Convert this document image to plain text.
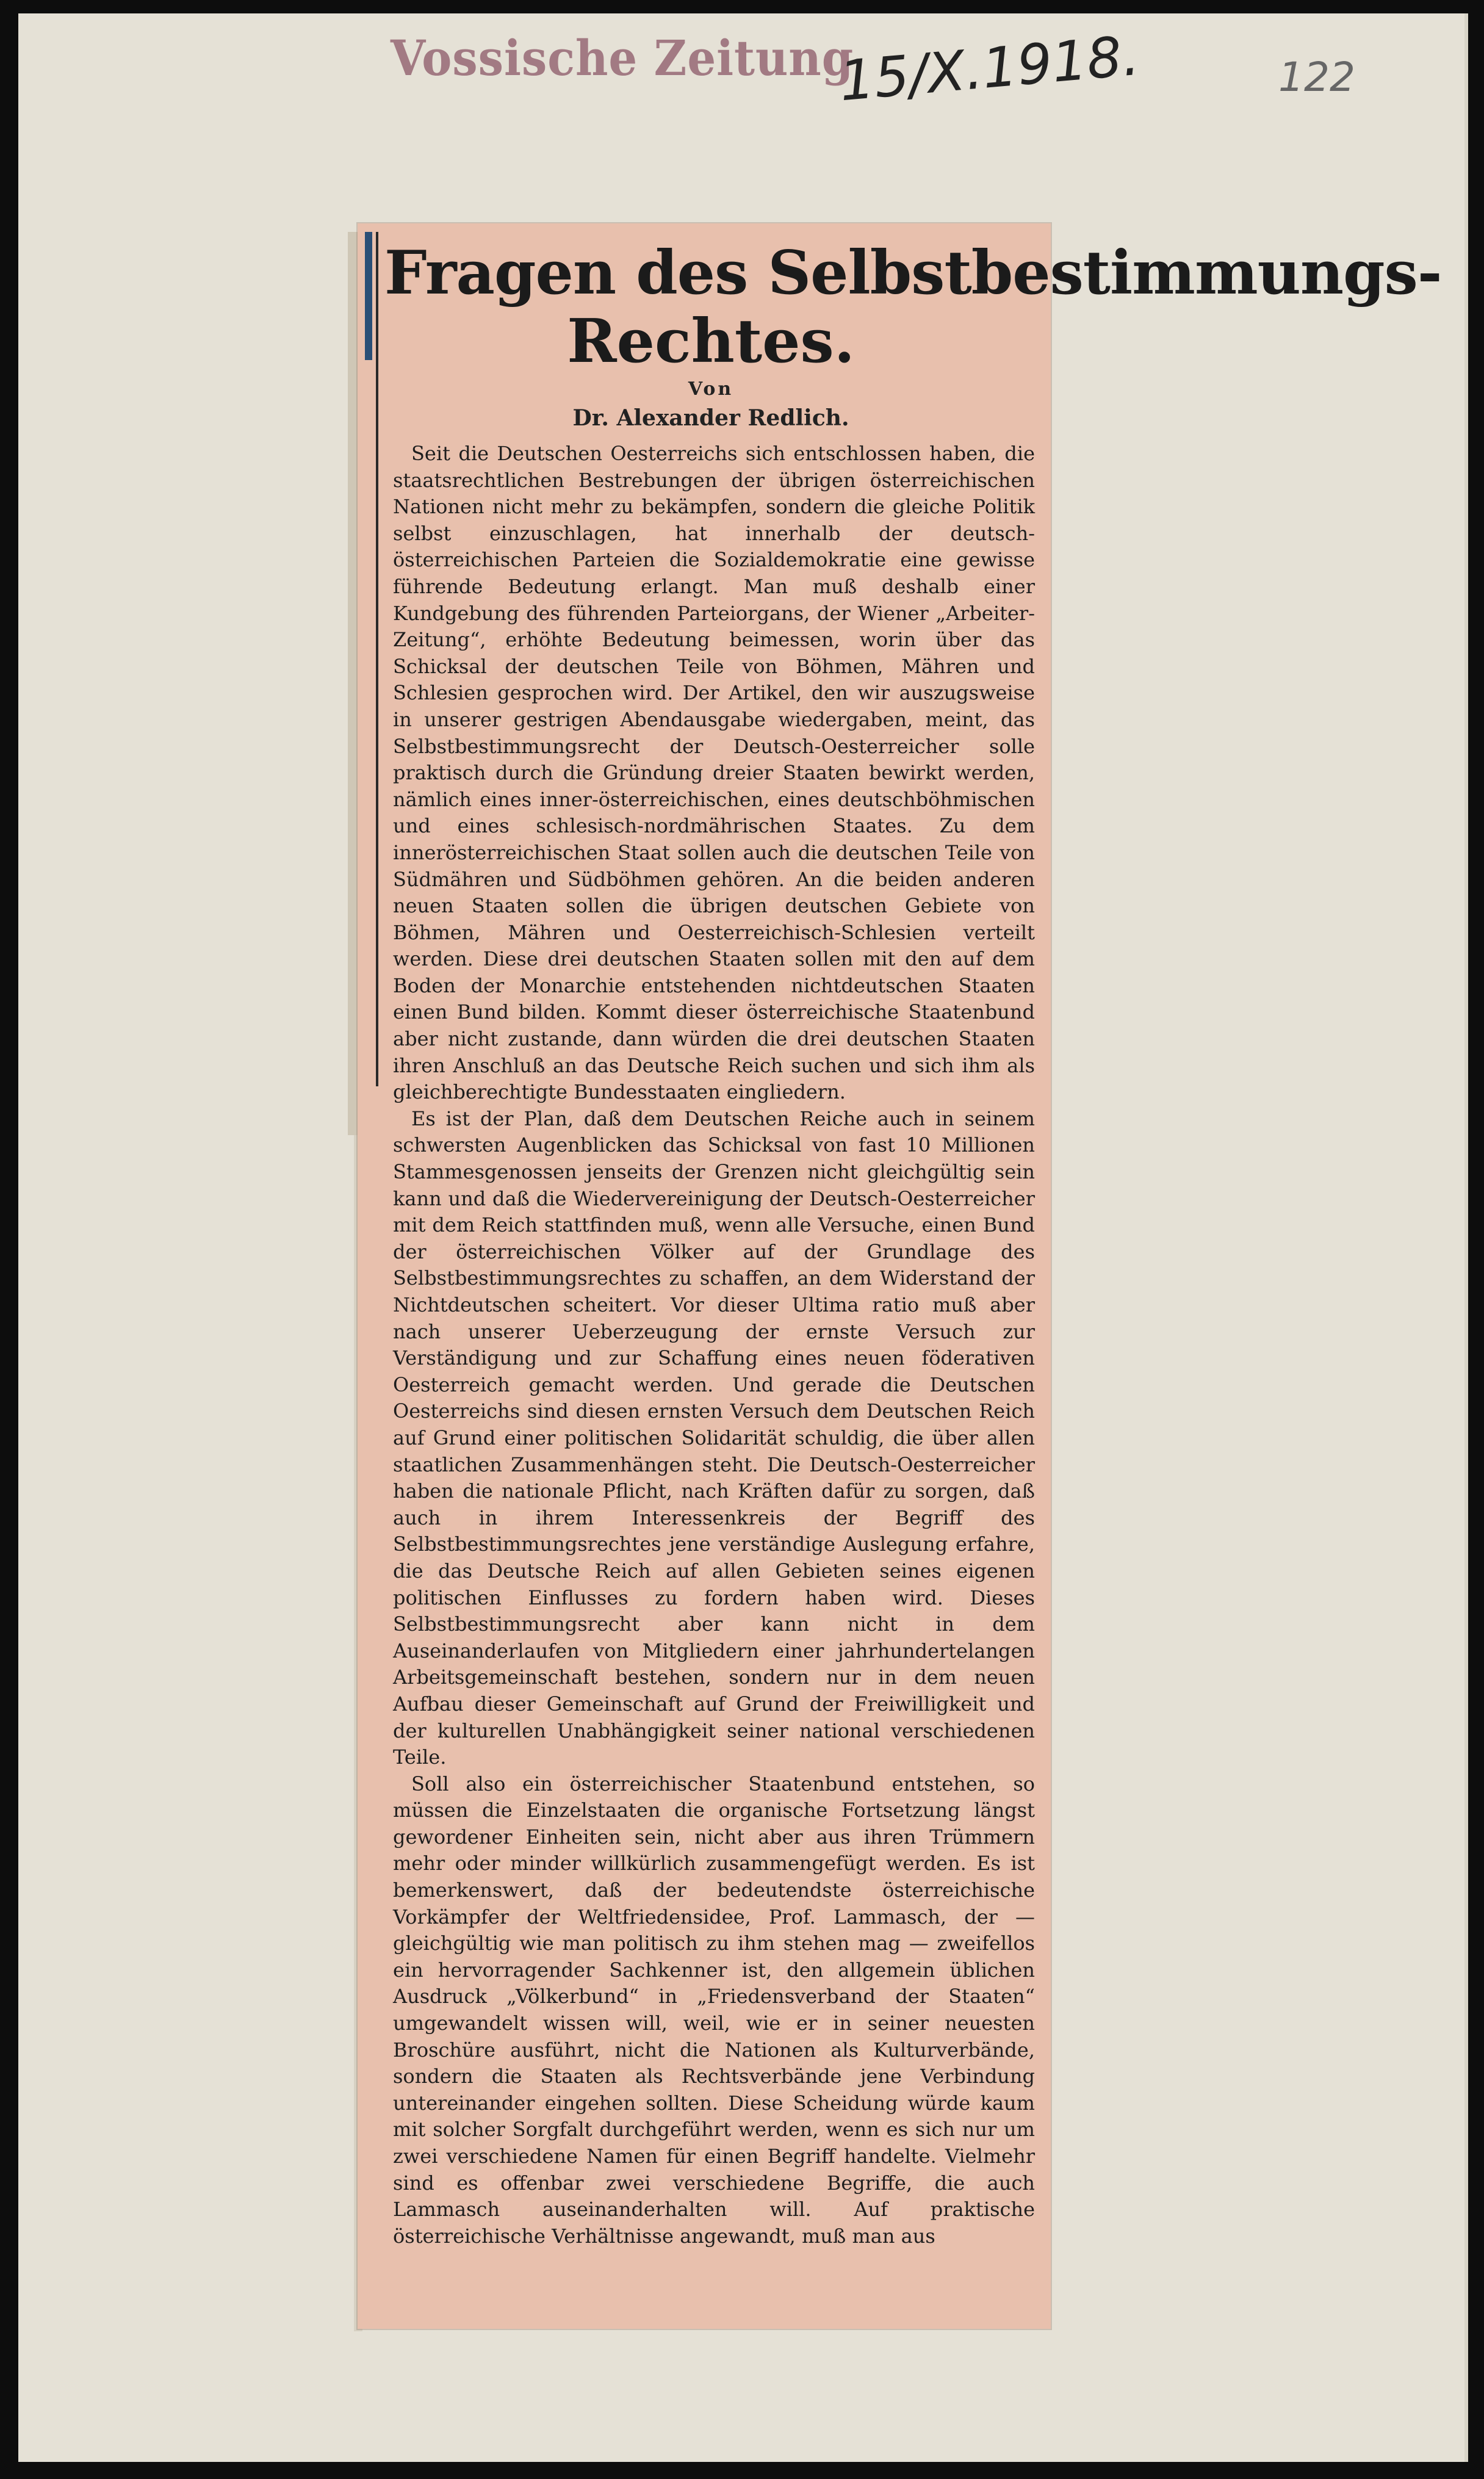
Vossische Zeitung
15/X.1918.	122
Fragen des Selbstbestimmungs-
Rechtes.
Von
Dr. Alexander Redlich.

Seit die Deutschen Oesterreichs sich entschlossen haben, die staatsrechtlichen Bestrebungen der übrigen österreichischen Nationen nicht mehr zu bekämpfen, sondern die gleiche Politik selbst einzuschlagen, hat innerhalb der deutsch-österreichischen Parteien die Sozialdemokratie eine gewisse führende Bedeutung erlangt. Man muß deshalb einer Kundgebung des führenden Parteiorgans, der Wiener „Arbeiter-Zeitung“, erhöhte Bedeutung beimessen, worin über das Schicksal der deutschen Teile von Böhmen, Mähren und Schlesien gesprochen wird. Der Artikel, den wir auszugsweise in unserer gestrigen Abendausgabe wiedergaben, meint, das Selbstbestimmungsrecht der Deutsch-Oesterreicher solle praktisch durch die Gründung dreier Staaten bewirkt werden, nämlich eines inner-österreichischen, eines deutschböhmischen und eines schlesisch-nordmährischen Staates. Zu dem innerösterreichischen Staat sollen auch die deutschen Teile von Südmähren und Südböhmen gehören. An die beiden anderen neuen Staaten sollen die übrigen deutschen Gebiete von Böhmen, Mähren und Oesterreichisch-Schlesien verteilt werden. Diese drei deutschen Staaten sollen mit den auf dem Boden der Monarchie entstehenden nichtdeutschen Staaten einen Bund bilden. Kommt dieser österreichische Staatenbund aber nicht zustande, dann würden die drei deutschen Staaten ihren Anschluß an das Deutsche Reich suchen und sich ihm als gleichberechtigte Bundesstaaten eingliedern.

Es ist der Plan, daß dem Deutschen Reiche auch in seinem schwersten Augenblicken das Schicksal von fast 10 Millionen Stammesgenossen jenseits der Grenzen nicht gleichgültig sein kann und daß die Wiedervereinigung der Deutsch-Oesterreicher mit dem Reich stattfinden muß, wenn alle Versuche, einen Bund der österreichischen Völker auf der Grundlage des Selbstbestimmungsrechtes zu schaffen, an dem Widerstand der Nichtdeutschen scheitert. Vor dieser Ultima ratio muß aber nach unserer Ueberzeugung der ernste Versuch zur Verständigung und zur Schaffung eines neuen föderativen Oesterreich gemacht werden. Und gerade die Deutschen Oesterreichs sind diesen ernsten Versuch dem Deutschen Reich auf Grund einer politischen Solidarität schuldig, die über allen staatlichen Zusammenhängen steht. Die Deutsch-Oesterreicher haben die nationale Pflicht, nach Kräften dafür zu sorgen, daß auch in ihrem Interessenkreis der Begriff des Selbstbestimmungsrechtes jene verständige Auslegung erfahre, die das Deutsche Reich auf allen Gebieten seines eigenen politischen Einflusses zu fordern haben wird. Dieses Selbstbestimmungsrecht aber kann nicht in dem Auseinanderlaufen von Mitgliedern einer jahrhundertelangen Arbeitsgemeinschaft bestehen, sondern nur in dem neuen Aufbau dieser Gemeinschaft auf Grund der Freiwilligkeit und der kulturellen Unabhängigkeit seiner national verschiedenen Teile.

Soll also ein österreichischer Staatenbund entstehen, so müssen die Einzelstaaten die organische Fortsetzung längst gewordener Einheiten sein, nicht aber aus ihren Trümmern mehr oder minder willkürlich zusammengefügt werden. Es ist bemerkenswert, daß der bedeutendste österreichische Vorkämpfer der Weltfriedensidee, Prof. Lammasch, der — gleichgültig wie man politisch zu ihm stehen mag — zweifellos ein hervorragender Sachkenner ist, den allgemein üblichen Ausdruck „Völkerbund“ in „Friedensverband der Staaten“ umgewandelt wissen will, weil, wie er in seiner neuesten Broschüre ausführt, nicht die Nationen als Kulturverbände, sondern die Staaten als Rechtsverbände jene Verbindung untereinander eingehen sollten. Diese Scheidung würde kaum mit solcher Sorgfalt durchgeführt werden, wenn es sich nur um zwei verschiedene Namen für einen Begriff handelte. Vielmehr sind es offenbar zwei verschiedene Begriffe, die auch Lammasch auseinanderhalten will. Auf praktische österreichische Verhältnisse angewandt, muß man aus
